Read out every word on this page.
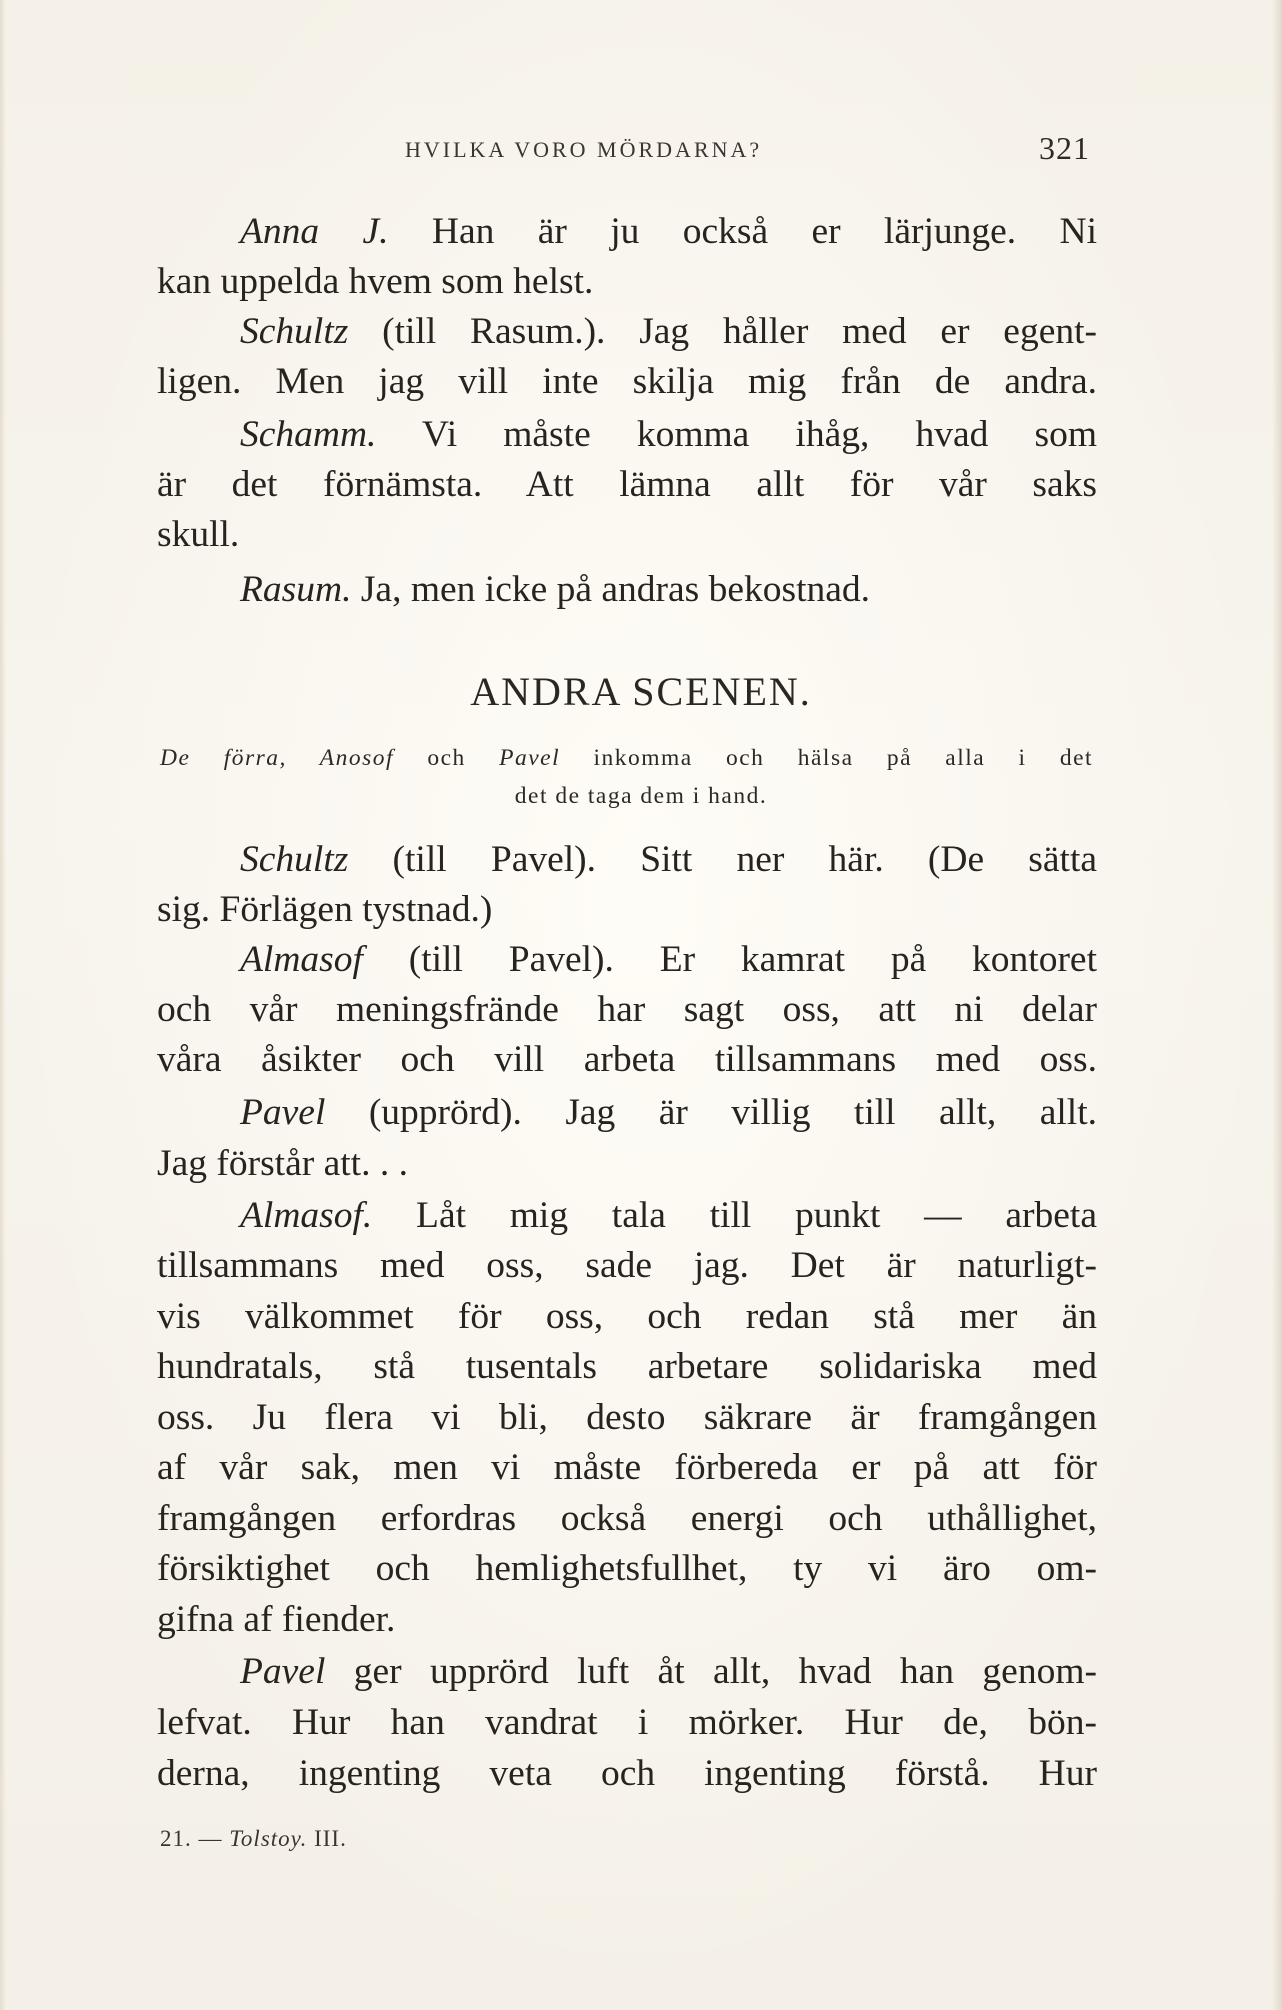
HVILKA VORO MÖRDARNA?	321
Anna J. Han är ju också er lärjunge. Ni
kan uppelda hvem som helst.
Schultz (till Rasum.). Jag håller med er egent-
ligen. Men jag vill inte skilja mig från de andra.
Schamm. Vi måste komma ihåg, hvad som
är det förnämsta. Att lämna allt för vår saks
skull.
Rasum. Ja, men icke på andras bekostnad.
ANDRA SCENEN.
De förra, Anosof och Pavel inkomma och hälsa på alla i det
det de taga dem i hand.
Schultz (till Pavel). Sitt ner här. (De sätta
sig. Förlägen tystnad.)
Almasof (till Pavel). Er kamrat på kontoret
och vår meningsfrände har sagt oss, att ni delar
våra åsikter och vill arbeta tillsammans med oss.
Pavel (upprörd). Jag är villig till allt, allt.
Jag förstår att. . .
Almasof. Låt mig tala till punkt — arbeta
tillsammans med oss, sade jag. Det är naturligt-
vis välkommet för oss, och redan stå mer än
hundratals, stå tusentals arbetare solidariska med
oss. Ju flera vi bli, desto säkrare är framgången
af vår sak, men vi måste förbereda er på att för
framgången erfordras också energi och uthållighet,
försiktighet och hemlighetsfullhet, ty vi äro om-
gifna af fiender.
Pavel ger upprörd luft åt allt, hvad han genom-
lefvat. Hur han vandrat i mörker. Hur de, bön-
derna, ingenting veta och ingenting förstå. Hur
21. — Tolstoy. III.
